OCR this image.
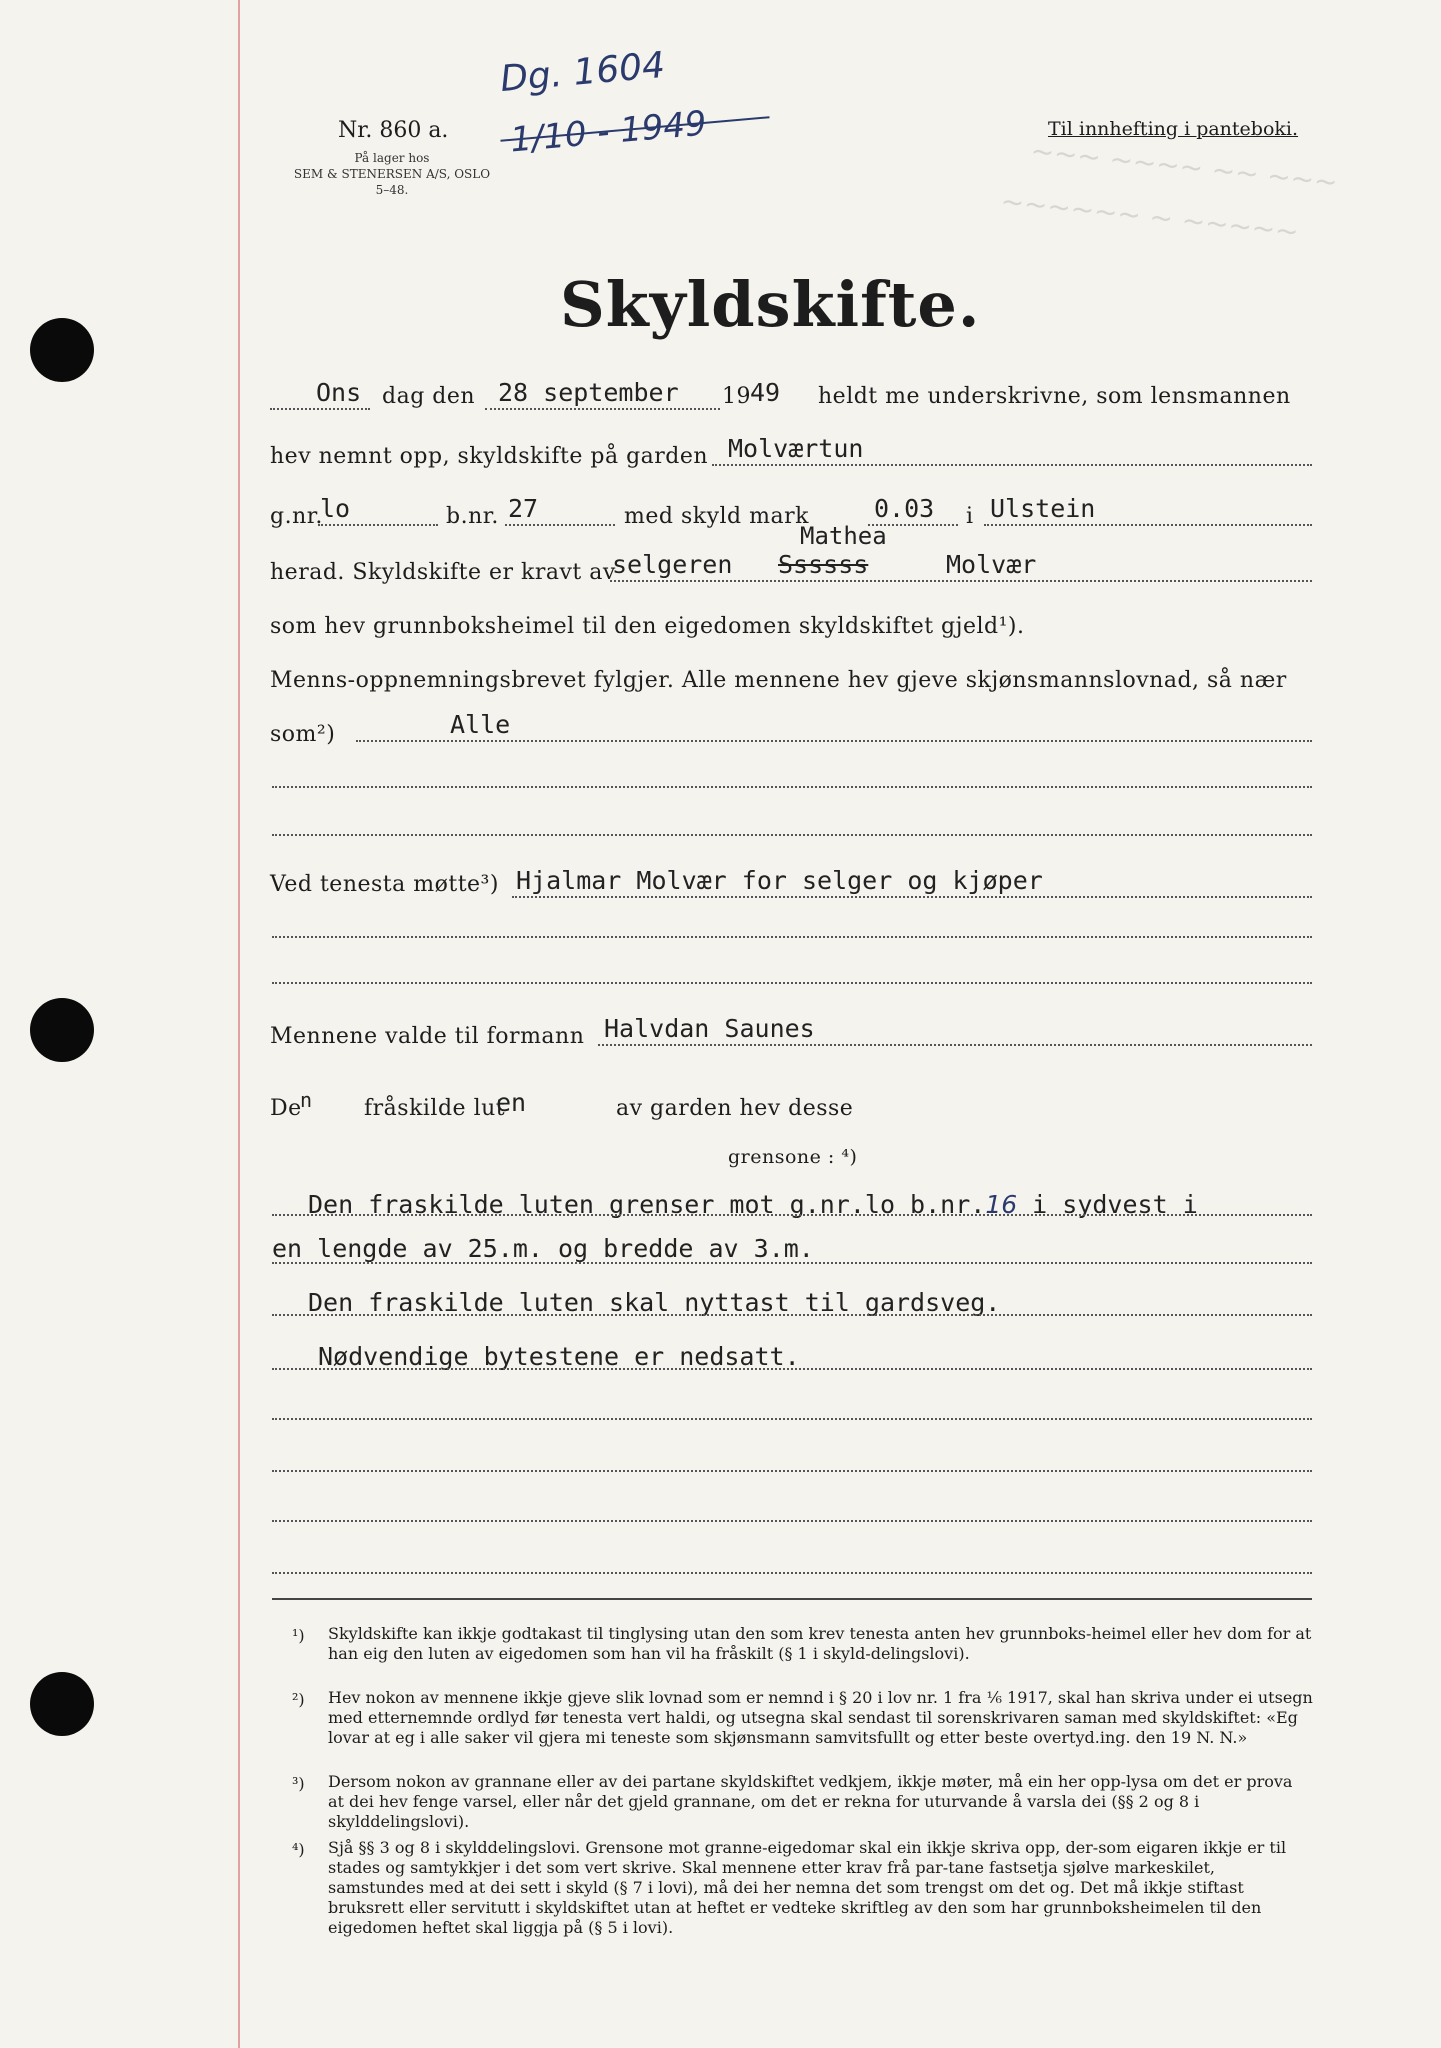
~~~ ~~~~ ~~ ~~~
~~~~~~ ~ ~~~~~
Nr. 860 a.
På lager hos
SEM & STENERSEN A/S, OSLO
5–48.
Dg. 1604
1/10 - 1949	Til innhefting i panteboki.
Skyldskifte.
Ons dag den 28 september 19 49 heldt me underskrivne, som lensmannen
hev nemnt opp, skyldskifte på garden Molværtun
g.nr.
lo	b.nr. 27	med skyld mark	0.03 i Ulstein
Mathea
herad. Skyldskifte er kravt av
selgeren Ssssss	Molvær
som hev grunnboksheimel til den eigedomen skyldskiftet gjeld¹).
Menns-oppnemningsbrevet fylgjer. Alle mennene hev gjeve skjønsmannslovnad, så nær
som²)	Alle
Ved tenesta møtte³) Hjalmar Molvær for selger og kjøper
Mennene valde til formann Halvdan Saunes
De
n fråskilde lut
en	av garden hev desse
grensone : ⁴)
Den fraskilde luten grenser mot g.nr.lo b.nr.16 i sydvest i
en lengde av 25.m. og bredde av 3.m.
Den fraskilde luten skal nyttast til gardsveg.
Nødvendige bytestene er nedsatt.
¹) Skyldskifte kan ikkje godtakast til tinglysing utan den som krev tenesta anten hev grunnboks-heimel eller hev dom for at han eig den luten av eigedomen som han vil ha fråskilt (§ 1 i skyld-delingslovi).
²) Hev nokon av mennene ikkje gjeve slik lovnad som er nemnd i § 20 i lov nr. 1 fra ⅙ 1917, skal han skriva under ei utsegn med etternemnde ordlyd før tenesta vert haldi, og utsegna skal sendast til sorenskrivaren saman med skyldskiftet: «Eg lovar at eg i alle saker vil gjera mi teneste som skjønsmann samvitsfullt og etter beste overtyd.ing. den 19 N. N.»
³) Dersom nokon av grannane eller av dei partane skyldskiftet vedkjem, ikkje møter, må ein her opp-lysa om det er prova at dei hev fenge varsel, eller når det gjeld grannane, om det er rekna for uturvande å varsla dei (§§ 2 og 8 i skylddelingslovi).
⁴) Sjå §§ 3 og 8 i skylddelingslovi. Grensone mot granne-eigedomar skal ein ikkje skriva opp, der-som eigaren ikkje er til stades og samtykkjer i det som vert skrive. Skal mennene etter krav frå par-tane fastsetja sjølve markeskilet, samstundes med at dei sett i skyld (§ 7 i lovi), må dei her nemna det som trengst om det og. Det må ikkje stiftast bruksrett eller servitutt i skyldskiftet utan at heftet er vedteke skriftleg av den som har grunnboksheimelen til den eigedomen heftet skal liggja på (§ 5 i lovi).
